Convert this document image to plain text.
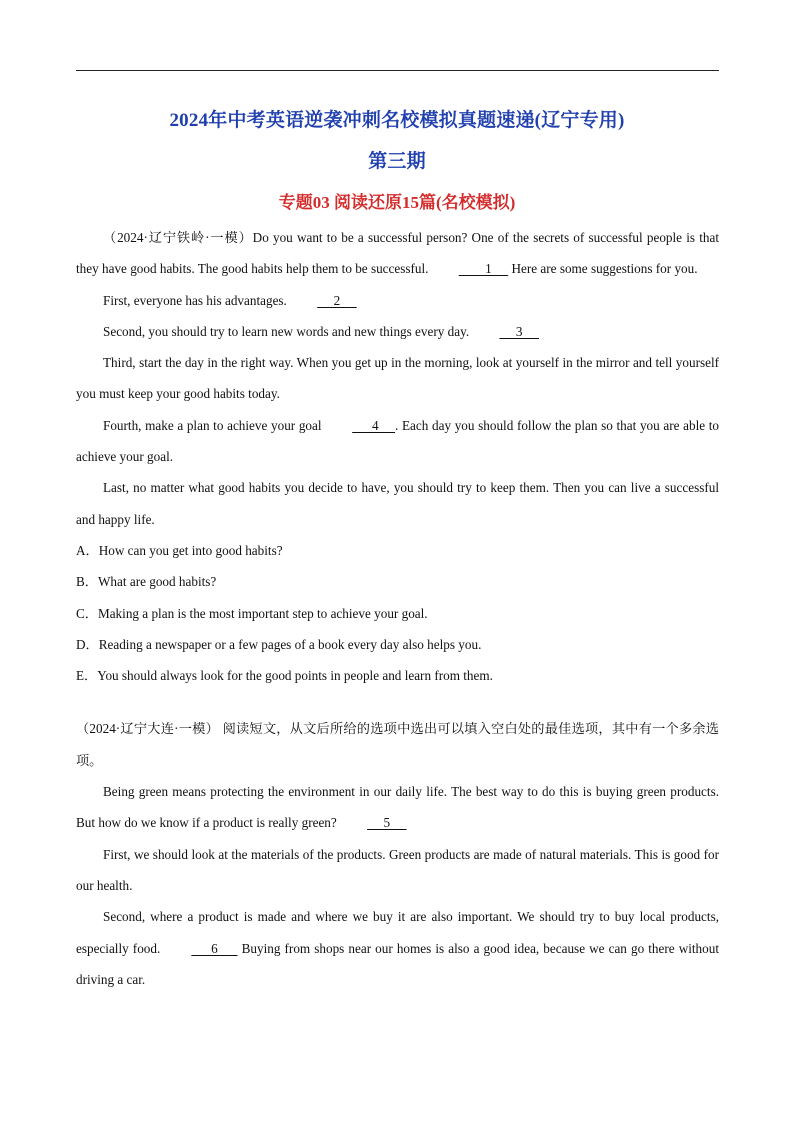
2024年中考英语逆袭冲刺名校模拟真题速递(辽宁专用)
第三期
专题03 阅读还原15篇(名校模拟)

（2024·辽宁铁岭·一模）Do you want to be a successful person? One of the secrets of successful people is that they have good habits. The good habits help them to be successful.         1      Here are some suggestions for you.

First, everyone has his advantages.      2

Second, you should try to learn new words and new things every day.      3

Third, start the day in the right way. When you get up in the morning, look at yourself in the mirror and tell yourself you must keep your good habits today.

Fourth, make a plan to achieve your goal       4     . Each day you should follow the plan so that you are able to achieve your goal.

Last, no matter what good habits you decide to have, you should try to keep them. Then you can live a successful and happy life.

A．How can you get into good habits?

B．What are good habits?

C．Making a plan is the most important step to achieve your goal.

D．Reading a newspaper or a few pages of a book every day also helps you.

E．You should always look for the good points in people and learn from them.

（2024·辽宁大连·一模） 阅读短文，从文后所给的选项中选出可以填入空白处的最佳选项，其中有一个多余选项。

Being green means protecting the environment in our daily life. The best way to do this is buying green products. But how do we know if a product is really green?      5

First, we should look at the materials of the products. Green products are made of natural materials. This is good for our health.

Second, where a product is made and where we buy it are also important. We should try to buy local products, especially food.       6       Buying from shops near our homes is also a good idea, because we can go there without driving a car.
